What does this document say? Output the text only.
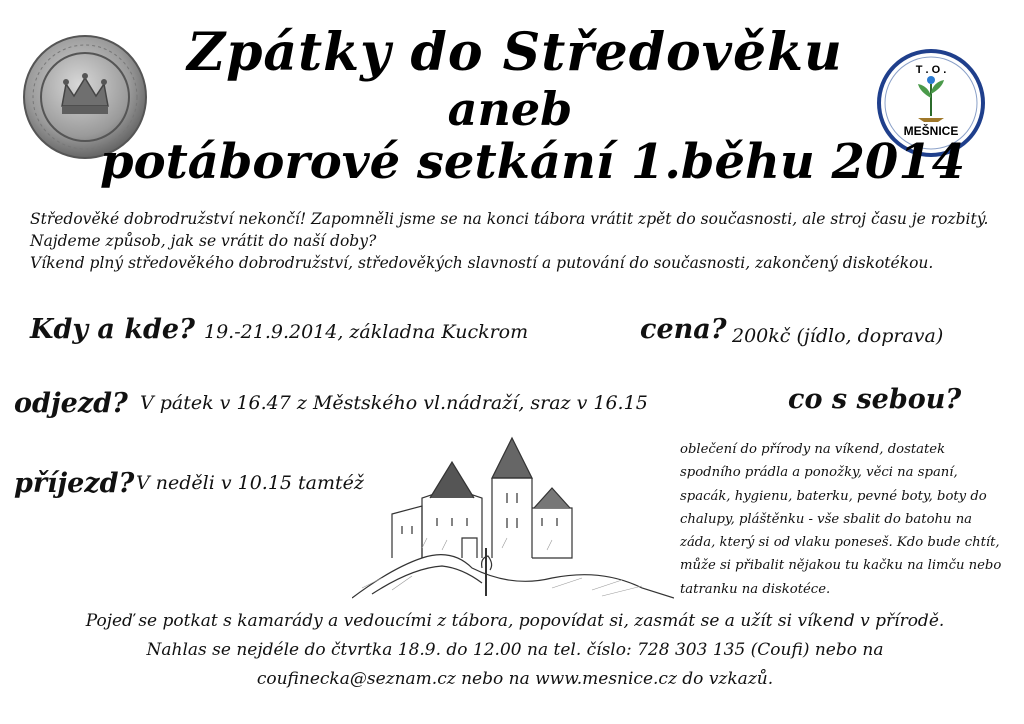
T . O .
MEŠNICE
Zpátky do Středověku
aneb
potáborové setkání 1.běhu 2014

Středověké dobrodružství nekončí! Zapomněli jsme se na konci tábora vrátit zpět do současnosti, ale stroj času je rozbitý. Najdeme způsob, jak se vrátit do naší doby?

Víkend plný středověkého dobrodružství, středověkých slavností a putování do současnosti, zakončený diskotékou.

Kdy a kde? 19.-21.9.2014, základna Kuckrom	cena? 200kč (jídlo, doprava)
odjezd? V pátek v 16.47 z Městského vl.nádraží, sraz v 16.15	co s sebou?
příjezd? V neděli v 10.15 tamtéž
oblečení do přírody na víkend, dostatek spodního prádla a ponožky, věci na spaní, spacák, hygienu, baterku, pevné boty, boty do chalupy, pláštěnku - vše sbalit do batohu na záda, který si od vlaku poneseš. Kdo bude chtít, může si přibalit nějakou tu kačku na limču nebo tatranku na diskotéce.

Pojeď se potkat s kamarády a vedoucími z tábora, popovídat si, zasmát se a užít si víkend v přírodě.

Nahlas se nejdéle do čtvrtka 18.9. do 12.00 na tel. číslo: 728 303 135 (Coufi) nebo na

coufinecka@seznam.cz nebo na www.mesnice.cz do vzkazů.
